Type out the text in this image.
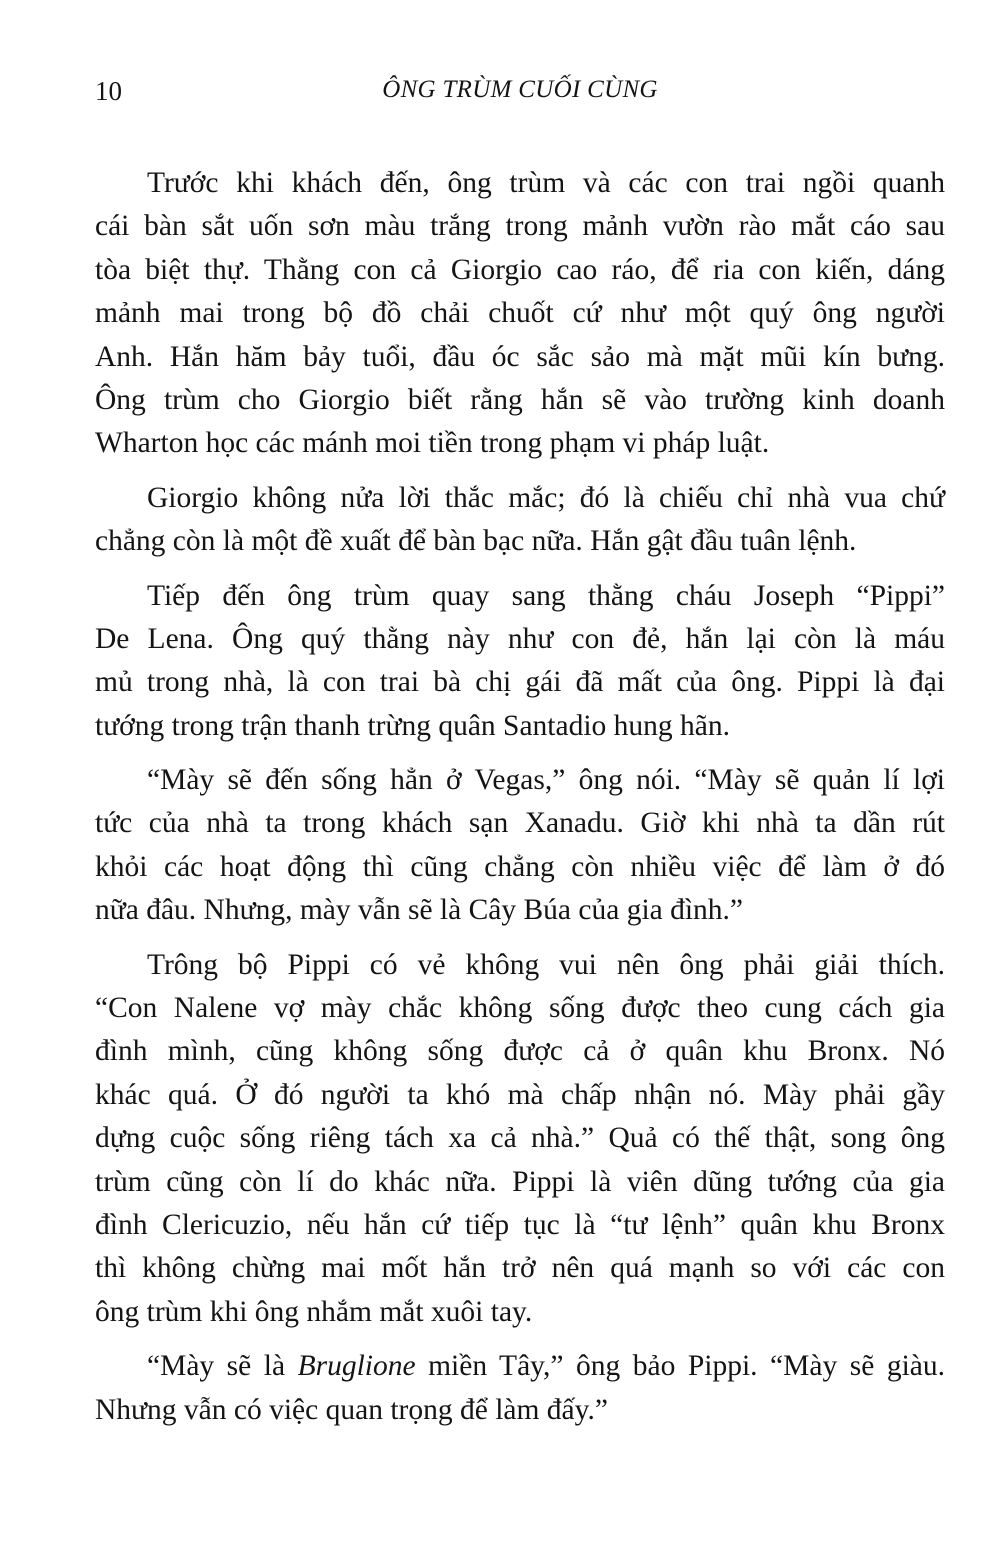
10	ÔNG TRÙM CUỐI CÙNG
Trước khi khách đến, ông trùm và các con trai ngồi quanh
cái bàn sắt uốn sơn màu trắng trong mảnh vườn rào mắt cáo sau
tòa biệt thự. Thằng con cả Giorgio cao ráo, để ria con kiến, dáng
mảnh mai trong bộ đồ chải chuốt cứ như một quý ông người
Anh. Hắn hăm bảy tuổi, đầu óc sắc sảo mà mặt mũi kín bưng.
Ông trùm cho Giorgio biết rằng hắn sẽ vào trường kinh doanh
Wharton học các mánh moi tiền trong phạm vi pháp luật.
Giorgio không nửa lời thắc mắc; đó là chiếu chỉ nhà vua chứ
chẳng còn là một đề xuất để bàn bạc nữa. Hắn gật đầu tuân lệnh.
Tiếp đến ông trùm quay sang thằng cháu Joseph “Pippi”
De Lena. Ông quý thằng này như con đẻ, hắn lại còn là máu
mủ trong nhà, là con trai bà chị gái đã mất của ông. Pippi là đại
tướng trong trận thanh trừng quân Santadio hung hãn.
“Mày sẽ đến sống hẳn ở Vegas,” ông nói. “Mày sẽ quản lí lợi
tức của nhà ta trong khách sạn Xanadu. Giờ khi nhà ta dần rút
khỏi các hoạt động thì cũng chẳng còn nhiều việc để làm ở đó
nữa đâu. Nhưng, mày vẫn sẽ là Cây Búa của gia đình.”
Trông bộ Pippi có vẻ không vui nên ông phải giải thích.
“Con Nalene vợ mày chắc không sống được theo cung cách gia
đình mình, cũng không sống được cả ở quân khu Bronx. Nó
khác quá. Ở đó người ta khó mà chấp nhận nó. Mày phải gầy
dựng cuộc sống riêng tách xa cả nhà.” Quả có thế thật, song ông
trùm cũng còn lí do khác nữa. Pippi là viên dũng tướng của gia
đình Clericuzio, nếu hắn cứ tiếp tục là “tư lệnh” quân khu Bronx
thì không chừng mai mốt hắn trở nên quá mạnh so với các con
ông trùm khi ông nhắm mắt xuôi tay.
“Mày sẽ là Bruglione miền Tây,” ông bảo Pippi. “Mày sẽ giàu.
Nhưng vẫn có việc quan trọng để làm đấy.”
